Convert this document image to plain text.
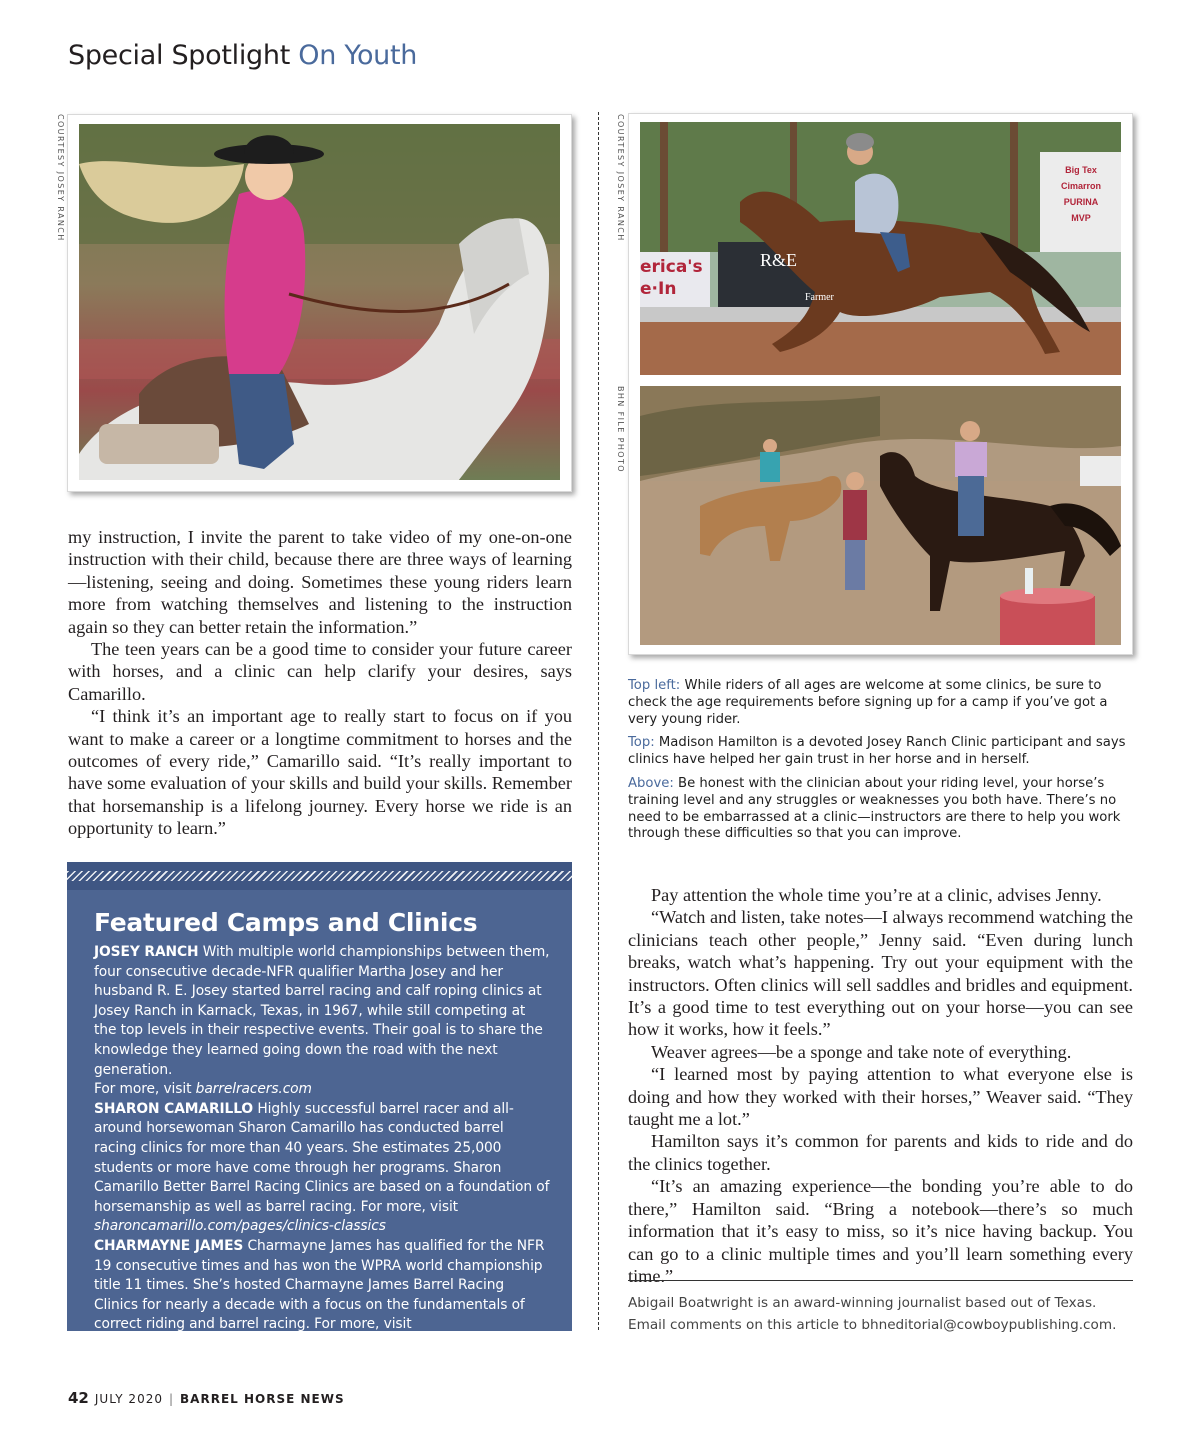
Special Spotlight On Youth
COURTESY JOSEY RANCH
erica's
e·In
R&E
Farmer
Big Tex
Cimarron
PURINA
MVP
COURTESY JOSEY RANCH
BHN FILE PHOTO

my instruction, I invite the parent to take video of my one-on-one instruction with their child, because there are three ways of learning—listening, seeing and doing. Sometimes these young riders learn more from watching themselves and listening to the instruction again so they can better retain the information.”

The teen years can be a good time to consider your future career with horses, and a clinic can help clarify your desires, says Camarillo.

“I think it’s an important age to really start to focus on if you want to make a career or a longtime commitment to horses and the outcomes of every ride,” Camarillo said. “It’s really important to have some evaluation of your skills and build your skills. Remember that horsemanship is a lifelong journey. Every horse we ride is an opportunity to learn.”

Top left: While riders of all ages are welcome at some clinics, be sure to check the age requirements before signing up for a camp if you’ve got a very young rider.

Top: Madison Hamilton is a devoted Josey Ranch Clinic participant and says clinics have helped her gain trust in her horse and in herself.

Above: Be honest with the clinician about your riding level, your horse’s training level and any struggles or weaknesses you both have. There’s no need to be embarrassed at a clinic—instructors are there to help you work through these difficulties so that you can improve.

Featured Camps and Clinics
JOSEY RANCH With multiple world championships between them, four consecutive decade-NFR qualifier Martha Josey and her husband R. E. Josey started barrel racing and calf roping clinics at Josey Ranch in Karnack, Texas, in 1967, while still competing at the top levels in their respective events. Their goal is to share the knowledge they learned going down the road with the next generation.
For more, visit barrelracers.com
SHARON CAMARILLO Highly successful barrel racer and all-around horsewoman Sharon Camarillo has conducted barrel racing clinics for more than 40 years. She estimates 25,000 students or more have come through her programs. Sharon Camarillo Better Barrel Racing Clinics are based on a foundation of horsemanship as well as barrel racing. For more, visit sharoncamarillo.com/pages/clinics-classics
CHARMAYNE JAMES Charmayne James has qualified for the NFR 19 consecutive times and has won the WPRA world championship title 11 times. She’s hosted Charmayne James Barrel Racing Clinics for nearly a decade with a focus on the fundamentals of correct riding and barrel racing. For more, visit charmaynejames.com/clinics.htm

Pay attention the whole time you’re at a clinic, advises Jenny.

“Watch and listen, take notes—I always recommend watching the clinicians teach other people,” Jenny said. “Even during lunch breaks, watch what’s happening. Try out your equipment with the instructors. Often clinics will sell saddles and bridles and equipment. It’s a good time to test everything out on your horse—you can see how it works, how it feels.”

Weaver agrees—be a sponge and take note of everything.

“I learned most by paying attention to what everyone else is doing and how they worked with their horses,” Weaver said. “They taught me a lot.”

Hamilton says it’s common for parents and kids to ride and do the clinics together.

“It’s an amazing experience—the bonding you’re able to do there,” Hamilton said. “Bring a notebook—there’s so much information that it’s easy to miss, so it’s nice having backup. You can go to a clinic multiple times and you’ll learn something every time.”

Abigail Boatwright is an award-winning journalist based out of Texas. Email comments on this article to bhneditorial@cowboypublishing.com.
42 JULY 2020 | BARREL HORSE NEWS
